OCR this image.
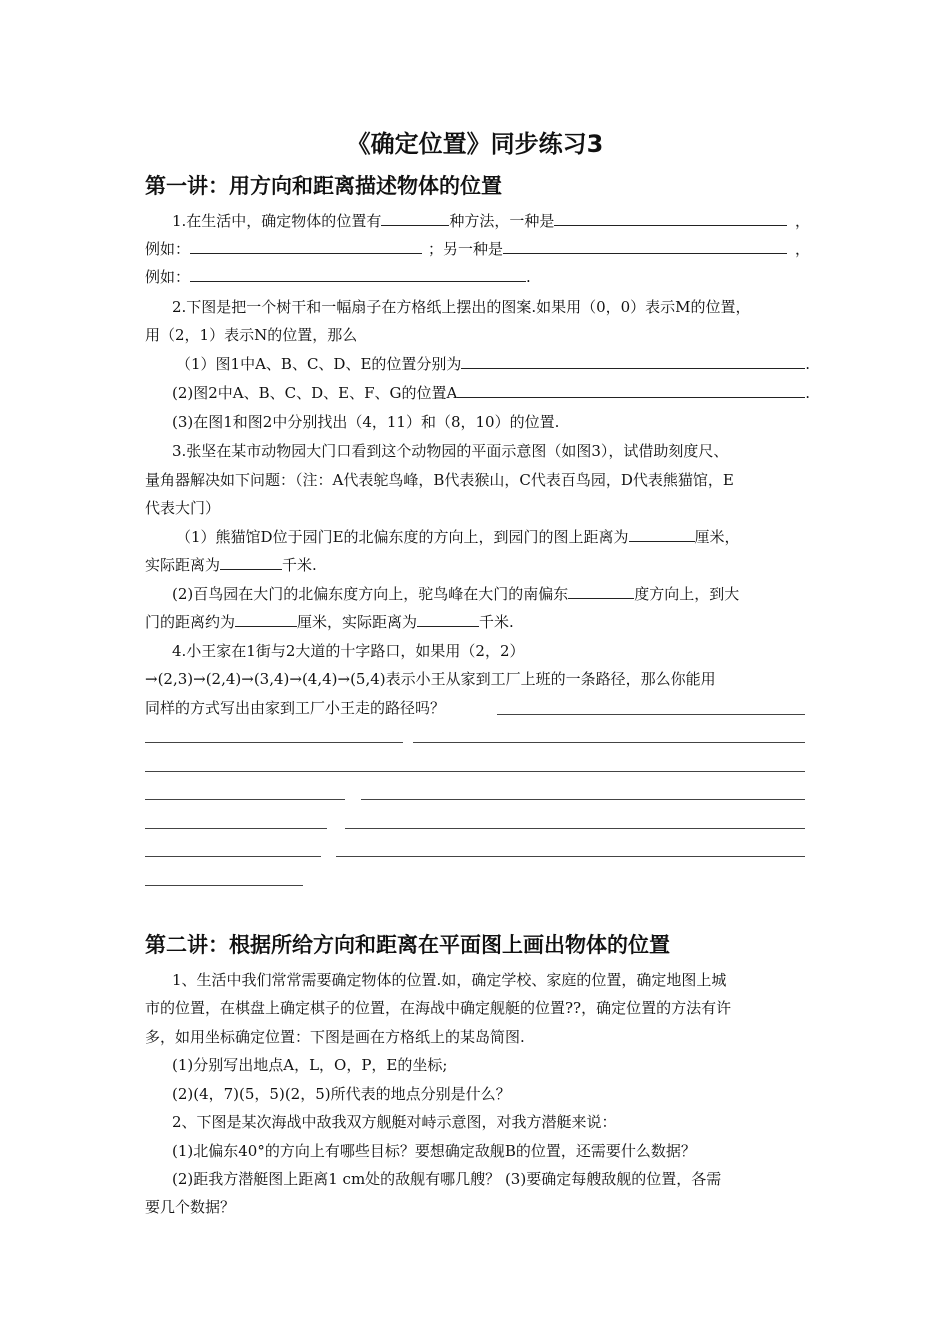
《确定位置》同步练习3
第一讲：用方向和距离描述物体的位置
1.在生活中，确定物体的位置有	种方法，一种是	，
例如：	；另一种是	，
例如：	.
2.下图是把一个树干和一幅扇子在方格纸上摆出的图案.如果用（0，0）表示M的位置，
用（2，1）表示N的位置，那么
（1）图1中A、B、C、D、E的位置分别为	.
(2)图2中A、B、C、D、E、F、G的位置A	.
(3)在图1和图2中分别找出（4，11）和（8，10）的位置.
3.张坚在某市动物园大门口看到这个动物园的平面示意图（如图3），试借助刻度尺、
量角器解决如下问题：（注：A代表鸵鸟峰，B代表猴山，C代表百鸟园，D代表熊猫馆，E
代表大门）
（1）熊猫馆D位于园门E的北偏东度的方向上，到园门的图上距离为	厘米，
实际距离为	千米.
(2)百鸟园在大门的北偏东度方向上，驼鸟峰在大门的南偏东	度方向上，到大
门的距离约为	厘米，实际距离为	千米.
4.小王家在1街与2大道的十字路口，如果用（2，2）
→(2,3)→(2,4)→(3,4)→(4,4)→(5,4)表示小王从家到工厂上班的一条路径，那么你能用
同样的方式写出由家到工厂小王走的路径吗？
第二讲：根据所给方向和距离在平面图上画出物体的位置
1、生活中我们常常需要确定物体的位置.如，确定学校、家庭的位置，确定地图上城
市的位置，在棋盘上确定棋子的位置，在海战中确定舰艇的位置??，确定位置的方法有许
多，如用坐标确定位置：下图是画在方格纸上的某岛简图.
(1)分别写出地点A，L，O，P，E的坐标;
(2)(4，7)(5，5)(2，5)所代表的地点分别是什么？
2、下图是某次海战中敌我双方舰艇对峙示意图，对我方潜艇来说：
(1)北偏东40°的方向上有哪些目标？要想确定敌舰B的位置，还需要什么数据？
(2)距我方潜艇图上距离1 cm处的敌舰有哪几艘？ (3)要确定每艘敌舰的位置，各需
要几个数据？
